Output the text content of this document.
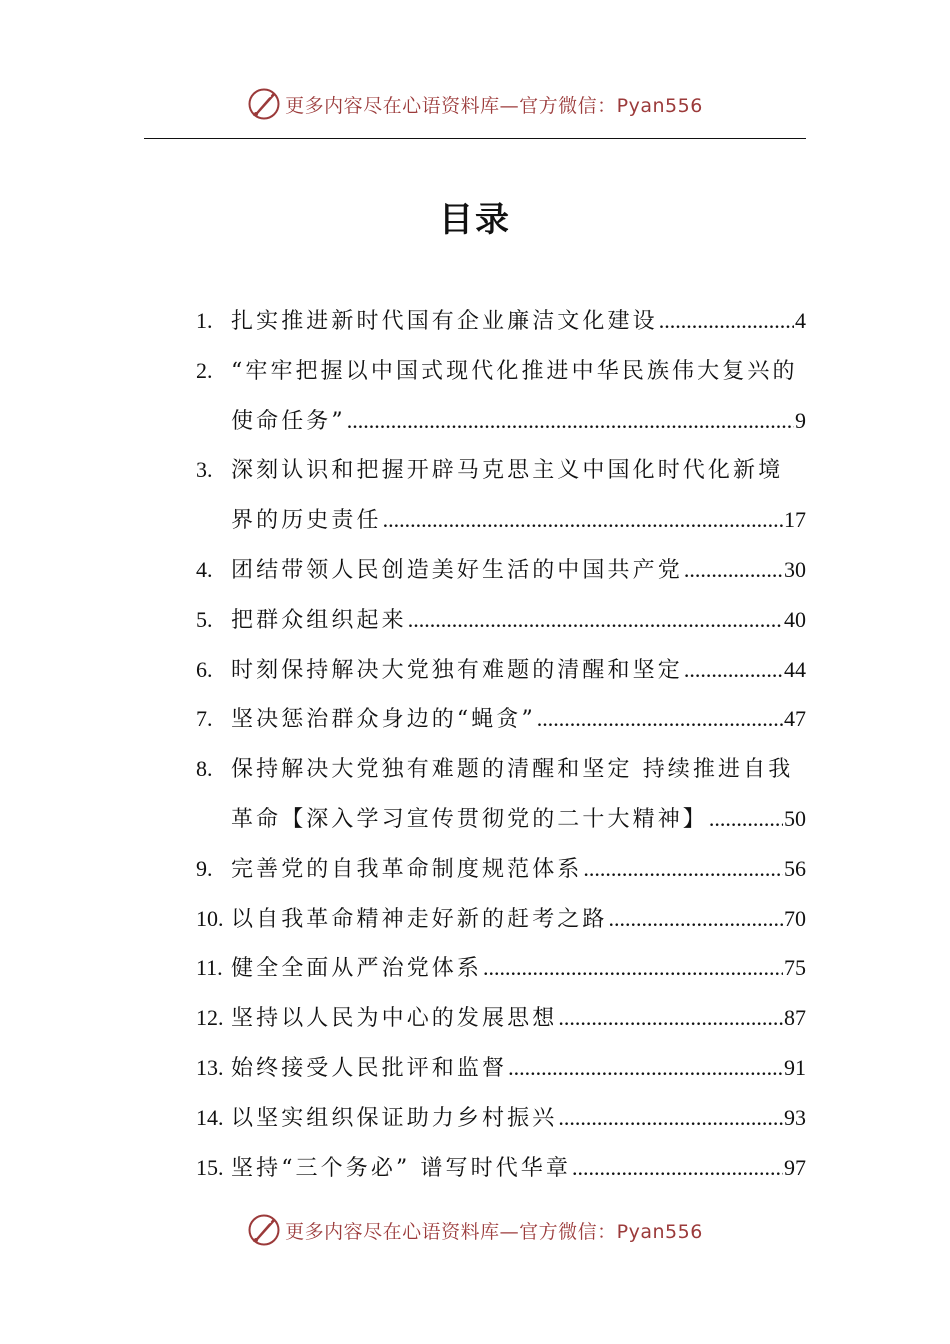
更多内容尽在心语资料库—官方微信：Pyan556
目录
1. 扎实推进新时代国有企业廉洁文化建设 .....	4
2. “牢牢把握以中国式现代化推进中华民族伟大复兴的
使命任务” .....	9
3. 深刻认识和把握开辟马克思主义中国化时代化新境
界的历史责任 .....	17
4. 团结带领人民创造美好生活的中国共产党 .....	30
5. 把群众组织起来 .....	40
6. 时刻保持解决大党独有难题的清醒和坚定 .....	44
7. 坚决惩治群众身边的“蝇贪” .....	47
8. 保持解决大党独有难题的清醒和坚定 持续推进自我
革命【深入学习宣传贯彻党的二十大精神】 .....	50
9. 完善党的自我革命制度规范体系 .....	56
10. 以自我革命精神走好新的赶考之路 .....	70
11. 健全全面从严治党体系 .....	75
12. 坚持以人民为中心的发展思想 .....	87
13. 始终接受人民批评和监督 .....	91
14. 以坚实组织保证助力乡村振兴 .....	93
15. 坚持“三个务必” 谱写时代华章 .....	97
更多内容尽在心语资料库—官方微信：Pyan556
